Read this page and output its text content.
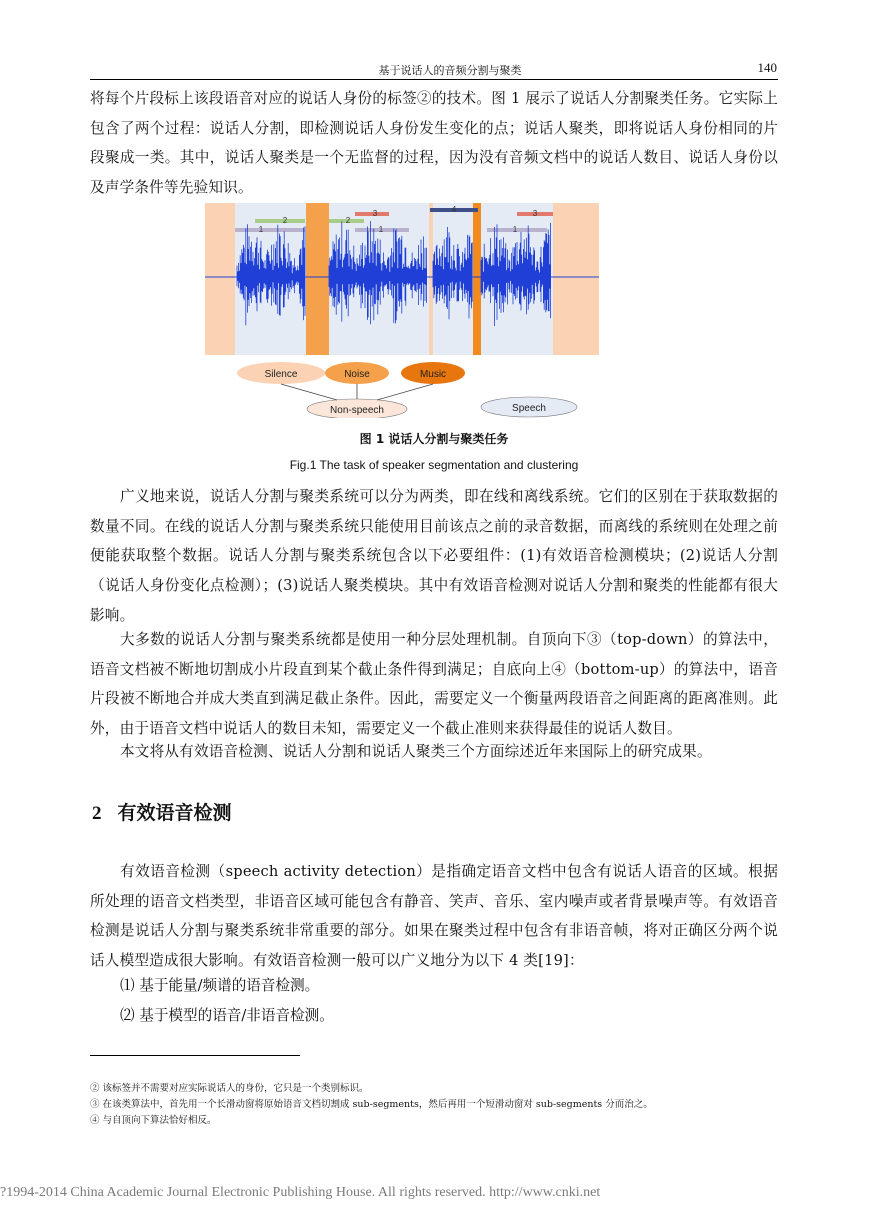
基于说话人的音频分割与聚类	140
将每个片段标上该段语音对应的说话人身份的标签②的技术。图 1 展示了说话人分割聚类任务。它实际上包含了两个过程：说话人分割，即检测说话人身份发生变化的点；说话人聚类，即将说话人身份相同的片段聚成一类。其中，说话人聚类是一个无监督的过程，因为没有音频文档中的说话人数目、说话人身份以及声学条件等先验知识。
1
2
1
2
3	4
1
3
Silence	Noise	Music
Non-speech	Speech
图 1 说话人分割与聚类任务
Fig.1 The task of speaker segmentation and clustering
广义地来说，说话人分割与聚类系统可以分为两类，即在线和离线系统。它们的区别在于获取数据的数量不同。在线的说话人分割与聚类系统只能使用目前该点之前的录音数据，而离线的系统则在处理之前便能获取整个数据。说话人分割与聚类系统包含以下必要组件：(1)有效语音检测模块；(2)说话人分割（说话人身份变化点检测）；(3)说话人聚类模块。其中有效语音检测对说话人分割和聚类的性能都有很大影响。
大多数的说话人分割与聚类系统都是使用一种分层处理机制。自顶向下③（top-down）的算法中，语音文档被不断地切割成小片段直到某个截止条件得到满足；自底向上④（bottom-up）的算法中，语音片段被不断地合并成大类直到满足截止条件。因此，需要定义一个衡量两段语音之间距离的距离准则。此外，由于语音文档中说话人的数目未知，需要定义一个截止准则来获得最佳的说话人数目。
本文将从有效语音检测、说话人分割和说话人聚类三个方面综述近年来国际上的研究成果。
2 有效语音检测
有效语音检测（speech activity detection）是指确定语音文档中包含有说话人语音的区域。根据 所处理的语音文档类型，非语音区域可能包含有静音、笑声、音乐、室内噪声或者背景噪声等。有效语音检测是说话人分割与聚类系统非常重要的部分。如果在聚类过程中包含有非语音帧，将对正确区分两个说话人模型造成很大影响。有效语音检测一般可以广义地分为以下 4 类[19]：
⑴ 基于能量/频谱的语音检测。
⑵ 基于模型的语音/非语音检测。
② 该标签并不需要对应实际说话人的身份，它只是一个类别标识。
③ 在该类算法中，首先用一个长滑动窗将原始语音文档切割成 sub-segments，然后再用一个短滑动窗对 sub-segments 分而治之。
④ 与自顶向下算法恰好相反。
?1994-2014 China Academic Journal Electronic Publishing House. All rights reserved. http://www.cnki.net
